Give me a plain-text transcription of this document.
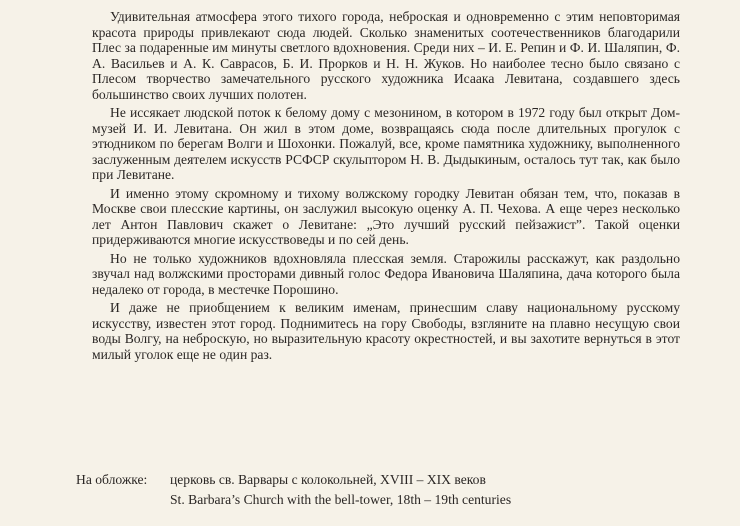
Удивительная атмосфера этого тихого города, неброская и одновременно с этим неповторимая красота природы привлекают сюда людей. Сколько знаменитых соотечественников благодарили Плес за подаренные им минуты светлого вдохновения. Среди них – И. Е. Репин и Ф. И. Шаляпин, Ф. А. Васильев и А. К. Саврасов, Б. И. Прорков и Н. Н. Жуков. Но наиболее тесно было связано с Плесом творчество замечательного русского художника Исаака Левитана, создавшего здесь большинство своих лучших полотен.

Не иссякает людской поток к белому дому с мезонином, в котором в 1972 году был открыт Дом-музей И. И. Левитана. Он жил в этом доме, возвращаясь сюда после длительных прогулок с этюдником по берегам Волги и Шохонки. Пожалуй, все, кроме памятника художнику, выполненного заслуженным деятелем искусств РСФСР скульптором Н. В. Дыдыкиным, осталось тут так, как было при Левитане.

И именно этому скромному и тихому волжскому городку Левитан обязан тем, что, показав в Москве свои плесские картины, он заслужил высокую оценку А. П. Чехова. А еще через несколько лет Антон Павлович скажет о Левитане: „Это лучший русский пейзажист”. Такой оценки придерживаются многие искусствоведы и по сей день.

Но не только художников вдохновляла плесская земля. Старожилы расскажут, как раздольно звучал над волжскими просторами дивный голос Федора Ивановича Шаляпина, дача которого была недалеко от города, в местечке Порошино.

И даже не приобщением к великим именам, принесшим славу национальному русскому искусству, известен этот город. Поднимитесь на гору Свободы, взгляните на плавно несущую свои воды Волгу, на неброскую, но выразительную красоту окрестностей, и вы захотите вернуться в этот милый уголок еще не один раз.

На обложке: церковь св. Варвары с колокольней, XVIII – XIX веков
St. Barbara’s Church with the bell-tower, 18th – 19th centuries
